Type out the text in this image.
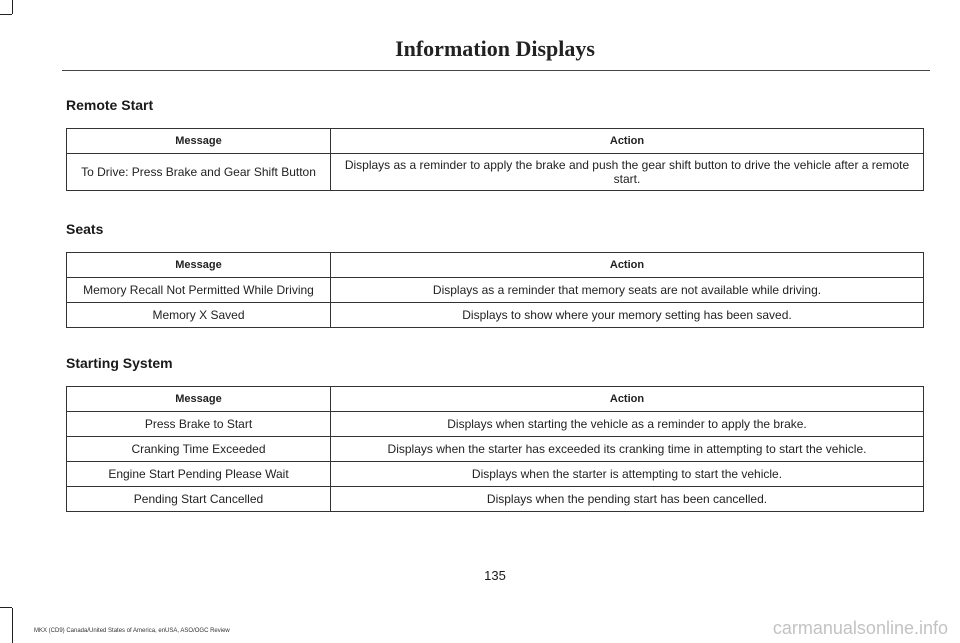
Information Displays
Remote Start
Message	Action
To Drive: Press Brake and Gear Shift Button	Displays as a reminder to apply the brake and push the gear shift button to drive the vehicle after a remote start.
Seats
Message	Action
Memory Recall Not Permitted While Driving	Displays as a reminder that memory seats are not available while driving.
Memory X Saved	Displays to show where your memory setting has been saved.
Starting System
Message	Action
Press Brake to Start	Displays when starting the vehicle as a reminder to apply the brake.
Cranking Time Exceeded	Displays when the starter has exceeded its cranking time in attempting to start the vehicle.
Engine Start Pending Please Wait	Displays when the starter is attempting to start the vehicle.
Pending Start Cancelled	Displays when the pending start has been cancelled.
135
MKX (CD9) Canada/United States of America, enUSA, ASO/OGC Review	carmanualsonline.info
